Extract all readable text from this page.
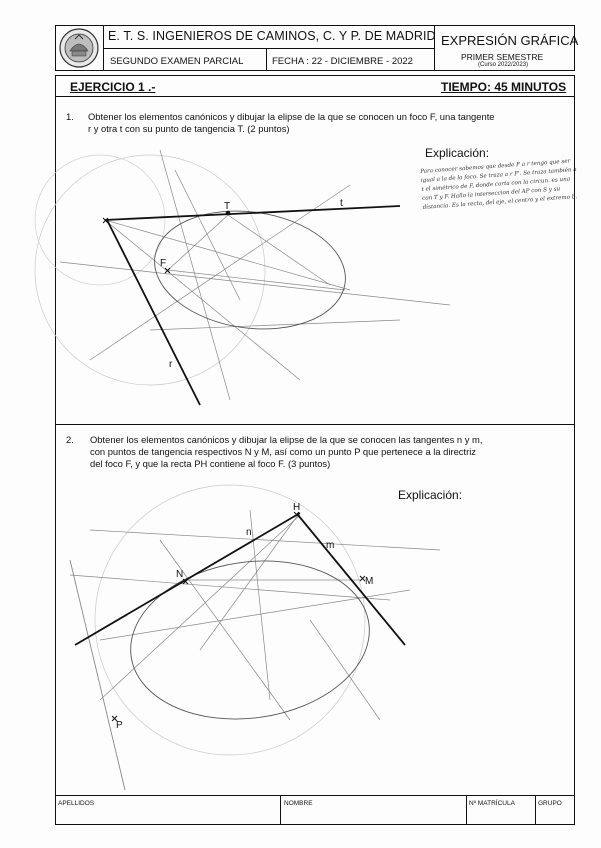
E. T. S. INGENIEROS DE CAMINOS, C. Y P. DE MADRID
SEGUNDO EXAMEN PARCIAL	FECHA : 22 - DICIEMBRE - 2022
EXPRESIÓN GRÁFICA
PRIMER SEMESTRE
(Curso 2022/2023)
EJERCICIO 1 .-	TIEMPO: 45 MINUTOS
1. Obtener los elementos canónicos y dibujar la elipse de la que se conocen un foco F, una tangente
r y otra t con su punto de tangencia T. (2 puntos)
Explicación:
Para conocer sabemos que desde F a r tengo que ser igual a la de la foco. Se traza a r F'. Se traza también a t el simétrico de F, donde corta con la circun. es una con T y F. Hallo la interseccion del AP con S y su distancia. Es la recta, del eje, el centro y el extremo b.
2. Obtener los elementos canónicos y dibujar la elipse de la que se conocen las tangentes n y m,
con puntos de tangencia respectivos N y M, así como un punto P que pertenece a la directriz
del foco F, y que la recta PH contiene al foco F. (3 puntos)
Explicación:
T
F
t
r
H
N
M
P
n
m
APELLIDOS	NOMBRE	Nº MATRÍCULA	GRUPO
